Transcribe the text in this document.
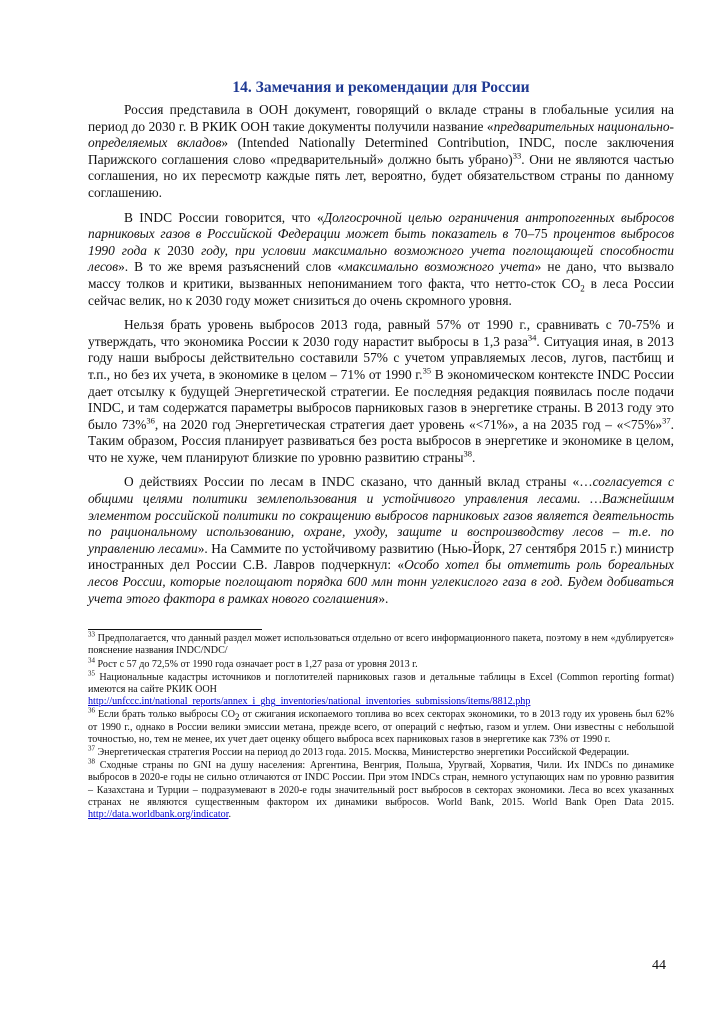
14. Замечания и рекомендации для России

Россия представила в ООН документ, говорящий о вкладе страны в глобальные усилия на период до 2030 г. В РКИК ООН такие документы получили название «предварительных национально-определяемых вкладов» (Intended Nationally Determined Contribution, INDC, после заключения Парижского соглашения слово «предварительный» должно быть убрано)$^{33}$. Они не являются частью соглашения, но их пересмотр каждые пять лет, вероятно, будет обязательством страны по данному соглашению.

В INDC России говорится, что «Долгосрочной целью ограничения антропогенных выбросов парниковых газов в Российской Федерации может быть показатель в 70–75 процентов выбросов 1990 года к 2030 году, при условии максимально возможного учета поглощающей способности лесов». В то же время разъяснений слов «максимально возможного учета» не дано, что вызвало массу толков и критики, вызванных непониманием того факта, что нетто-сток $CO_2$ в леса России сейчас велик, но к 2030 году может снизиться до очень скромного уровня.

Нельзя брать уровень выбросов 2013 года, равный 57% от 1990 г., сравнивать с 70-75% и утверждать, что экономика России к 2030 году нарастит выбросы в 1,3 раза$^{34}$. Ситуация иная, в 2013 году наши выбросы действительно составили 57% с учетом управляемых лесов, лугов, пастбищ и т.п., но без их учета, в экономике в целом – 71% от 1990 г.$^{35}$ В экономическом контексте INDC России дает отсылку к будущей Энергетической стратегии. Ее последняя редакция появилась после подачи INDC, и там содержатся параметры выбросов парниковых газов в энергетике страны. В 2013 году это было 73%$^{36}$, на 2020 год Энергетическая стратегия дает уровень «<71%», а на 2035 год – «<75%»$^{37}$. Таким образом, Россия планирует развиваться без роста выбросов в энергетике и экономике в целом, что не хуже, чем планируют близкие по уровню развитию страны$^{38}$.

О действиях России по лесам в INDC сказано, что данный вклад страны «…согласуется с общими целями политики землепользования и устойчивого управления лесами. …Важнейшим элементом российской политики по сокращению выбросов парниковых газов является деятельность по рациональному использованию, охране, уходу, защите и воспроизводству лесов – т.е. по управлению лесами». На Саммите по устойчивому развитию (Нью-Йорк, 27 сентября 2015 г.) министр иностранных дел России С.В. Лавров подчеркнул: «Особо хотел бы отметить роль бореальных лесов России, которые поглощают порядка 600 млн тонн углекислого газа в год. Будем добиваться учета этого фактора в рамках нового соглашения».

$^{33}$ Предполагается, что данный раздел может использоваться отдельно от всего информационного пакета, поэтому в нем «дублируется» пояснение названия INDC/NDC/
$^{34}$ Рост с 57 до 72,5% от 1990 года означает рост в 1,27 раза от уровня 2013 г.
$^{35}$ Национальные кадастры источников и поглотителей парниковых газов и детальные таблицы в Excel (Common reporting format) имеются на сайте РКИК ООН
http://unfccc.int/national_reports/annex_i_ghg_inventories/national_inventories_submissions/items/8812.php
$^{36}$ Если брать только выбросы $CO_2$ от сжигания ископаемого топлива во всех секторах экономики, то в 2013 году их уровень был 62% от 1990 г., однако в России велики эмиссии метана, прежде всего, от операций с нефтью, газом и углем. Они известны с небольшой точностью, но, тем не менее, их учет дает оценку общего выброса всех парниковых газов в энергетике как 73% от 1990 г.
$^{37}$ Энергетическая стратегия России на период до 2013 года. 2015. Москва, Министерство энергетики Российской Федерации.
$^{38}$ Сходные страны по GNI на душу населения: Аргентина, Венгрия, Польша, Уругвай, Хорватия, Чили. Их INDCs по динамике выбросов в 2020-е годы не сильно отличаются от INDC России. При этом INDCs стран, немного уступающих нам по уровню развития – Казахстана и Турции – подразумевают в 2020-е годы значительный рост выбросов в секторах экономики. Леса во всех указанных странах не являются существенным фактором их динамики выбросов. World Bank, 2015. World Bank Open Data 2015. http://data.worldbank.org/indicator.
44
